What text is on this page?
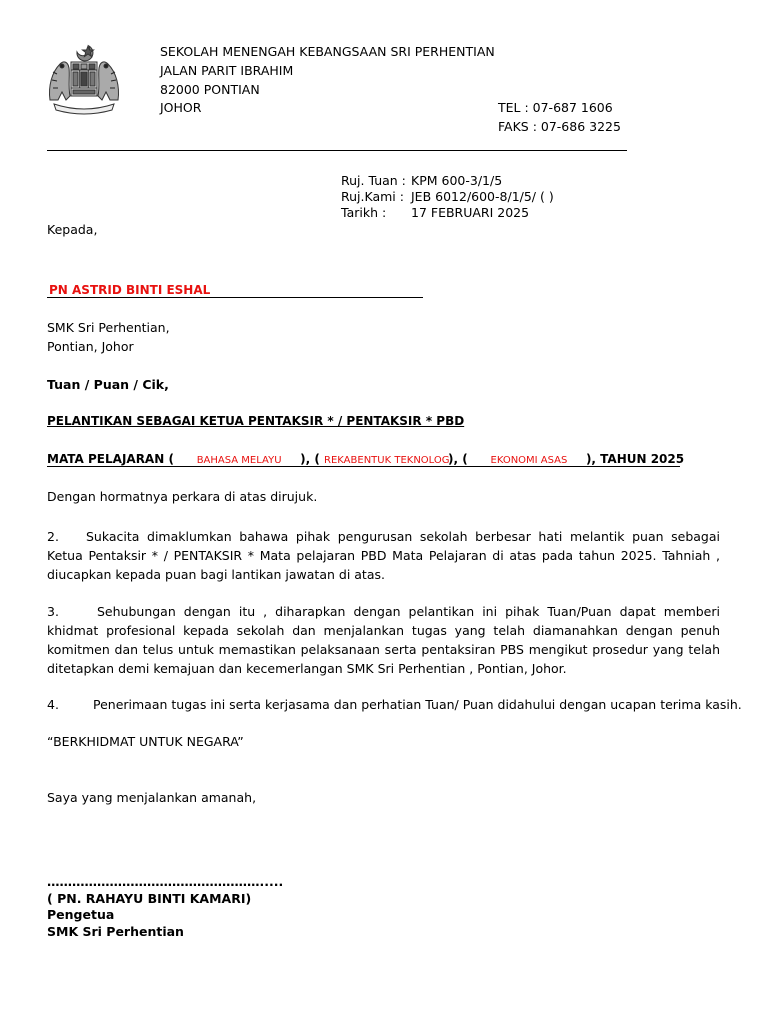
SEKOLAH MENENGAH KEBANGSAAN SRI PERHENTIAN
JALAN PARIT IBRAHIM
82000 PONTIAN
JOHOR	TEL : 07-687 1606
FAKS : 07-686 3225
Ruj. Tuan : KPM 600-3/1/5
Ruj.Kami : JEB 6012/600-8/1/5/ ( )
Tarikh : 17 FEBRUARI 2025
Kepada,
PN ASTRID BINTI ESHAL
SMK Sri Perhentian,
Pontian, Johor
Tuan / Puan / Cik,
PELANTIKAN SEBAGAI KETUA PENTAKSIR * / PENTAKSIR * PBD
MATA PELAJARAN ( BAHASA MELAYU ), ( REKABENTUK TEKNOLOGI), ( EKONOMI ASAS ), TAHUN 2025
Dengan hormatnya perkara di atas dirujuk.
2. Sukacita dimaklumkan bahawa pihak pengurusan sekolah berbesar hati melantik puan sebagai Ketua Pentaksir * / PENTAKSIR * Mata pelajaran PBD Mata Pelajaran di atas pada tahun 2025. Tahniah , diucapkan kepada puan bagi lantikan jawatan di atas.
3.	Sehubungan dengan itu , diharapkan dengan pelantikan ini pihak Tuan/Puan dapat memberi khidmat profesional kepada sekolah dan menjalankan tugas yang telah diamanahkan dengan penuh komitmen dan telus untuk memastikan pelaksanaan serta pentaksiran PBS mengikut prosedur yang telah ditetapkan demi kemajuan dan kecemerlangan SMK Sri Perhentian , Pontian, Johor.
4.	Penerimaan tugas ini serta kerjasama dan perhatian Tuan/ Puan didahului dengan ucapan terima kasih.
“BERKHIDMAT UNTUK NEGARA”
Saya yang menjalankan amanah,
…………………………………………….....
( PN. RAHAYU BINTI KAMARI)
Pengetua
SMK Sri Perhentian
